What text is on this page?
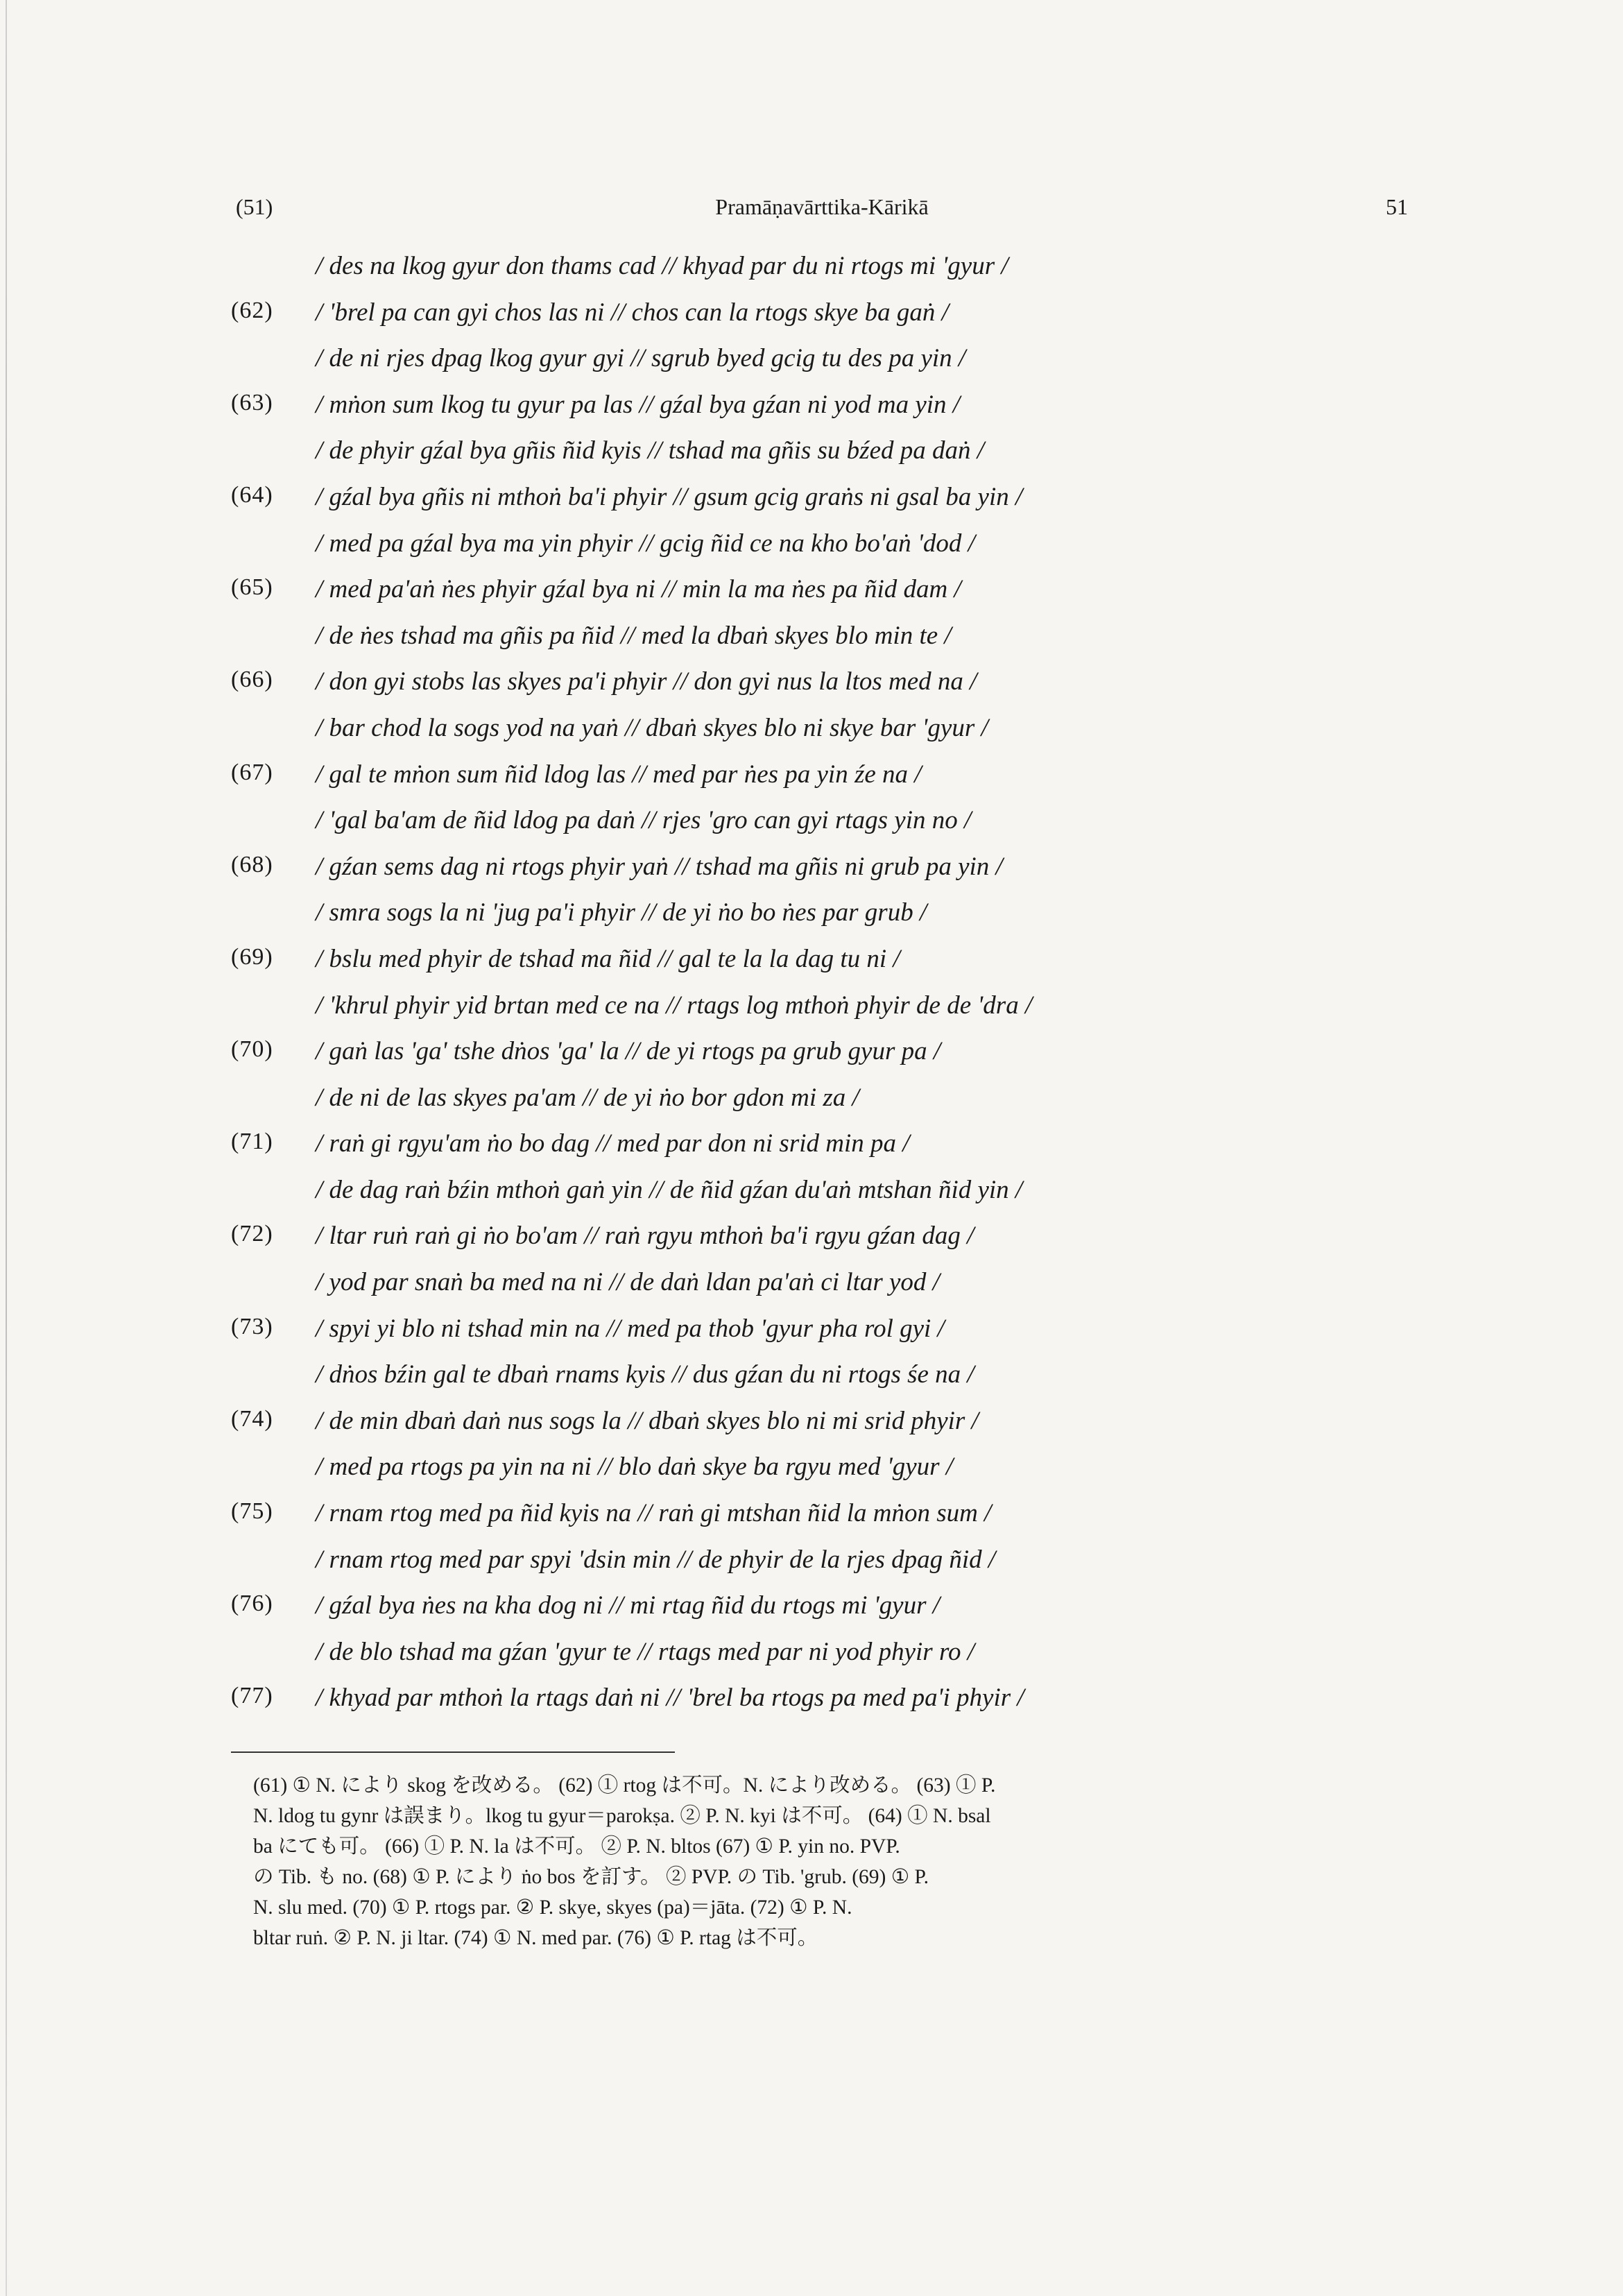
(51)	Pramāṇavārttika-Kārikā	51
/ des na lkog gyur don thams cad // khyad par du ni rtogs mi 'gyur /
(62) / 'brel pa can gyi chos las ni // chos can la rtogs skye ba gaṅ /
/ de ni rjes dpag lkog gyur gyi // sgrub byed gcig tu des pa yin /
(63) / mṅon sum lkog tu gyur pa las // gźal bya gźan ni yod ma yin /
/ de phyir gźal bya gñis ñid kyis // tshad ma gñis su bźed pa daṅ /
(64) / gźal bya gñis ni mthoṅ ba'i phyir // gsum gcig graṅs ni gsal ba yin /
/ med pa gźal bya ma yin phyir // gcig ñid ce na kho bo'aṅ 'dod /
(65) / med pa'aṅ ṅes phyir gźal bya ni // min la ma ṅes pa ñid dam /
/ de ṅes tshad ma gñis pa ñid // med la dbaṅ skyes blo min te /
(66) / don gyi stobs las skyes pa'i phyir // don gyi nus la ltos med na /
/ bar chod la sogs yod na yaṅ // dbaṅ skyes blo ni skye bar 'gyur /
(67) / gal te mṅon sum ñid ldog las // med par ṅes pa yin źe na /
/ 'gal ba'am de ñid ldog pa daṅ // rjes 'gro can gyi rtags yin no /
(68) / gźan sems dag ni rtogs phyir yaṅ // tshad ma gñis ni grub pa yin /
/ smra sogs la ni 'jug pa'i phyir // de yi ṅo bo ṅes par grub /
(69) / bslu med phyir de tshad ma ñid // gal te la la dag tu ni /
/ 'khrul phyir yid brtan med ce na // rtags log mthoṅ phyir de de 'dra /
(70) / gaṅ las 'ga' tshe dṅos 'ga' la // de yi rtogs pa grub gyur pa /
/ de ni de las skyes pa'am // de yi ṅo bor gdon mi za /
(71) / raṅ gi rgyu'am ṅo bo dag // med par don ni srid min pa /
/ de dag raṅ bźin mthoṅ gaṅ yin // de ñid gźan du'aṅ mtshan ñid yin /
(72) / ltar ruṅ raṅ gi ṅo bo'am // raṅ rgyu mthoṅ ba'i rgyu gźan dag /
/ yod par snaṅ ba med na ni // de daṅ ldan pa'aṅ ci ltar yod /
(73) / spyi yi blo ni tshad min na // med pa thob 'gyur pha rol gyi /
/ dṅos bźin gal te dbaṅ rnams kyis // dus gźan du ni rtogs śe na /
(74) / de min dbaṅ daṅ nus sogs la // dbaṅ skyes blo ni mi srid phyir /
/ med pa rtogs pa yin na ni // blo daṅ skye ba rgyu med 'gyur /
(75) / rnam rtog med pa ñid kyis na // raṅ gi mtshan ñid la mṅon sum /
/ rnam rtog med par spyi 'dsin min // de phyir de la rjes dpag ñid /
(76) / gźal bya ṅes na kha dog ni // mi rtag ñid du rtogs mi 'gyur /
/ de blo tshad ma gźan 'gyur te // rtags med par ni yod phyir ro /
(77) / khyad par mthoṅ la rtags daṅ ni // 'brel ba rtogs pa med pa'i phyir /
(61) ① N. により skog を改める。 (62) ① rtog は不可。N. により改める。 (63) ① P.
N. ldog tu gynr は誤まり。lkog tu gyur＝parokṣa. ② P. N. kyi は不可。 (64) ① N. bsal
ba にても可。 (66) ① P. N. la は不可。 ② P. N. bltos (67) ① P. yin no. PVP.
の Tib. も no. (68) ① P. により ṅo bos を訂す。 ② PVP. の Tib. 'grub. (69) ① P.
N. slu med. (70) ① P. rtogs par. ② P. skye, skyes (pa)＝jāta. (72) ① P. N.
bltar ruṅ. ② P. N. ji ltar. (74) ① N. med par. (76) ① P. rtag は不可。
